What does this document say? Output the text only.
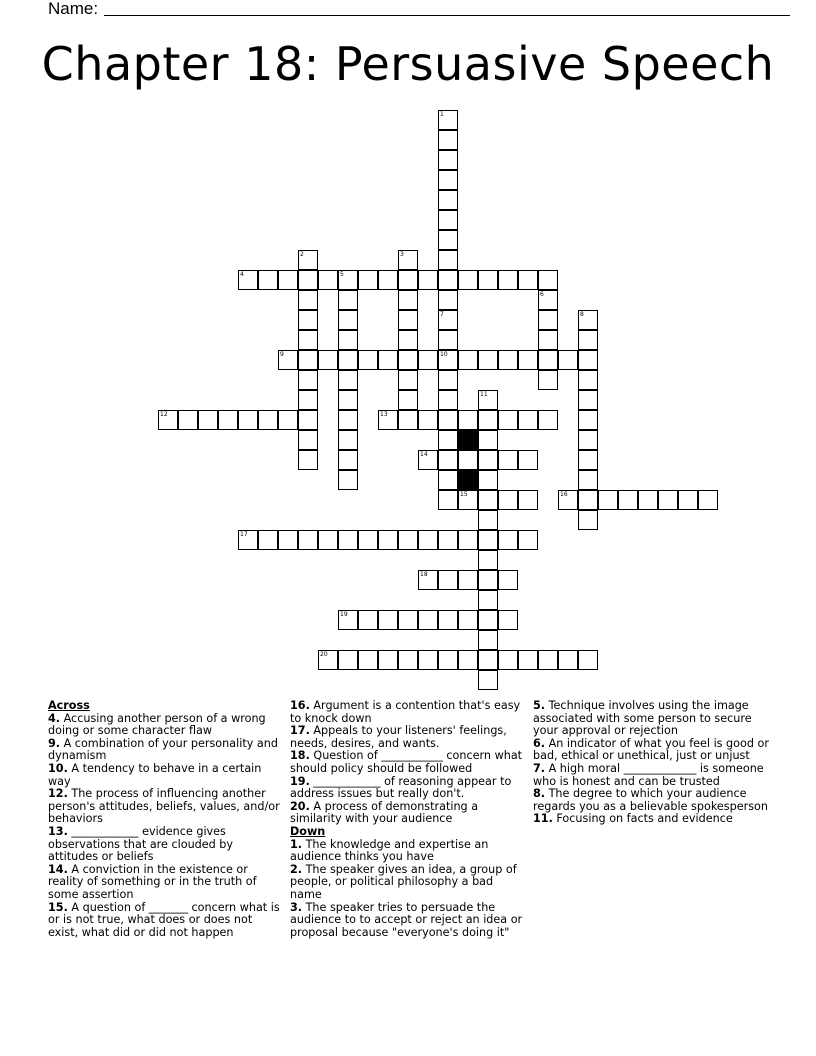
Name:
Chapter 18: Persuasive Speech
1
2	3
4	5
6
7
10
8
9
11
12	13
14
15	16
17
18
19
20
Across
4. Accusing another person of a wrong doing or some character flaw
9. A combination of your personality and dynamism
10. A tendency to behave in a certain way
12. The process of influencing another person's attitudes, beliefs, values, and/or behaviors
13. ____________ evidence gives observations that are clouded by attitudes or beliefs
14. A conviction in the existence or reality of something or in the truth of some assertion
15. A question of _______ concern what is or is not true, what does or does not exist, what did or did not happen
16. Argument is a contention that's easy to knock down
17. Appeals to your listeners' feelings, needs, desires, and wants.
18. Question of ___________ concern what should policy should be followed
19. ____________ of reasoning appear to address issues but really don't.
20. A process of demonstrating a similarity with your audience
Down
1. The knowledge and expertise an audience thinks you have
2. The speaker gives an idea, a group of people, or political philosophy a bad name
3. The speaker tries to persuade the audience to to accept or reject an idea or proposal because "everyone's doing it"
5. Technique involves using the image associated with some person to secure your approval or rejection
6. An indicator of what you feel is good or bad, ethical or unethical, just or unjust
7. A high moral _____________ is someone who is honest and can be trusted
8. The degree to which your audience regards you as a believable spokesperson
11. Focusing on facts and evidence
